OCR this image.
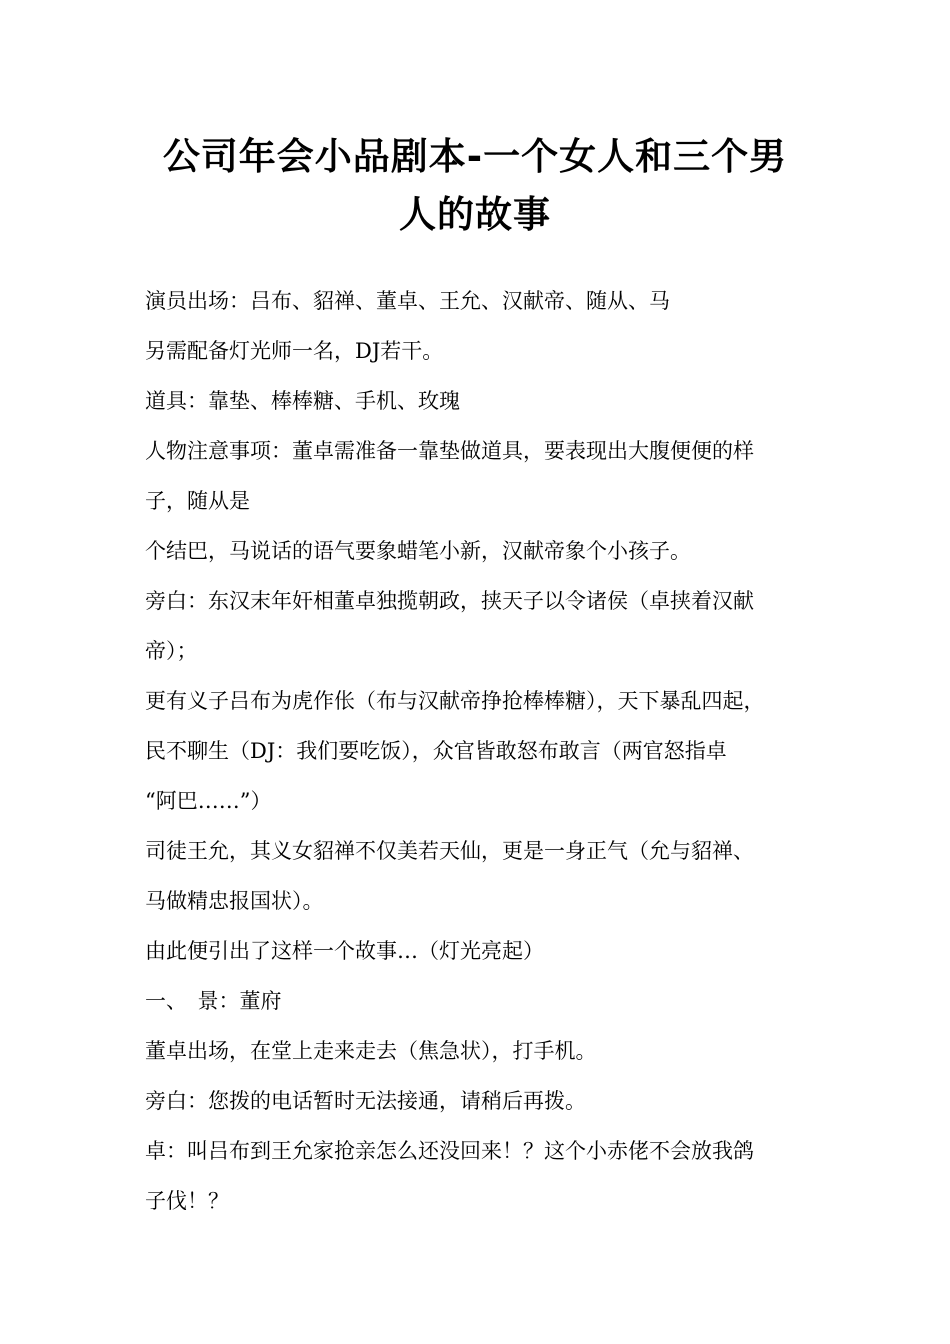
公司年会小品剧本-一个女人和三个男
人的故事
演员出场：吕布、貂禅、董卓、王允、汉献帝、随从、马
另需配备灯光师一名，DJ若干。
道具：靠垫、棒棒糖、手机、玫瑰
人物注意事项：董卓需准备一靠垫做道具，要表现出大腹便便的样
子，随从是
个结巴，马说话的语气要象蜡笔小新，汉献帝象个小孩子。
旁白：东汉末年奸相董卓独揽朝政，挟天子以令诸侯（卓挟着汉献
帝）；
更有义子吕布为虎作伥（布与汉献帝挣抢棒棒糖），天下暴乱四起，
民不聊生（DJ：我们要吃饭），众官皆敢怒布敢言（两官怒指卓
“阿巴……”）
司徒王允，其义女貂禅不仅美若天仙，更是一身正气（允与貂禅、
马做精忠报国状）。
由此便引出了这样一个故事…（灯光亮起）
一、　景：董府
董卓出场，在堂上走来走去（焦急状），打手机。
旁白：您拨的电话暂时无法接通，请稍后再拨。
卓：叫吕布到王允家抢亲怎么还没回来！？这个小赤佬不会放我鸽
子伐！？
